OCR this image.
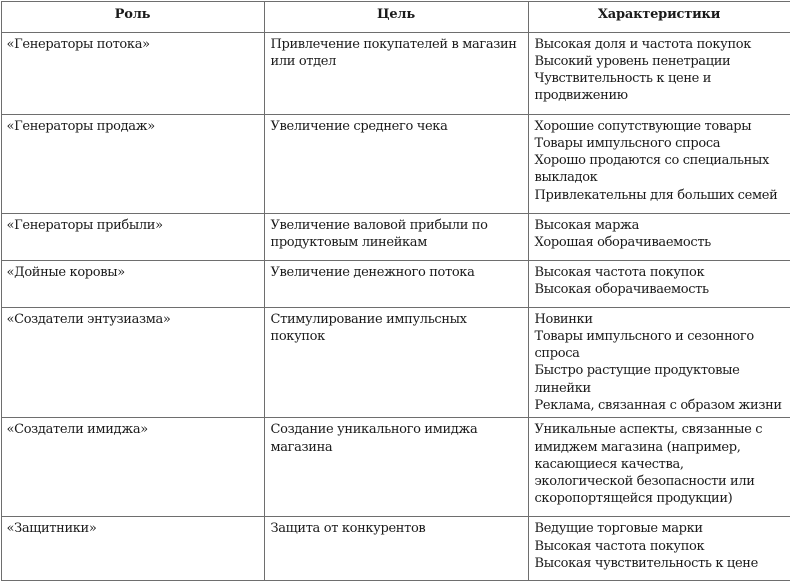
Роль	Цель	Характеристики
«Генераторы потока»	Привлечение покупателей в магазин или отдел	Высокая доля и частота покупок
Высокий уровень пенетрации
Чувствительность к цене и продвижению

«Генераторы продаж»	Увеличение среднего чека	Хорошие сопутствующие товары
Товары импульсного спроса
Хорошо продаются со специальных выкладок
Привлекательны для больших семей

«Генераторы прибыли»	Увеличение валовой прибыли по продуктовым линейкам	Высокая маржа
Хорошая оборачиваемость

«Дойные коровы»	Увеличение денежного потока	Высокая частота покупок
Высокая оборачиваемость

«Создатели энтузиазма»	Стимулирование импульсных покупок	Новинки
Товары импульсного и сезонного спроса
Быстро растущие продуктовые линейки
Реклама, связанная с образом жизни

«Создатели имиджа»	Создание уникального имиджа магазина	Уникальные аспекты, связанные с имиджем магазина (например, касающиеся качества, экологической безопасности или скоропортящейся продукции)

«Защитники»	Защита от конкурентов	Ведущие торговые марки
Высокая частота покупок
Высокая чувствительность к цене
